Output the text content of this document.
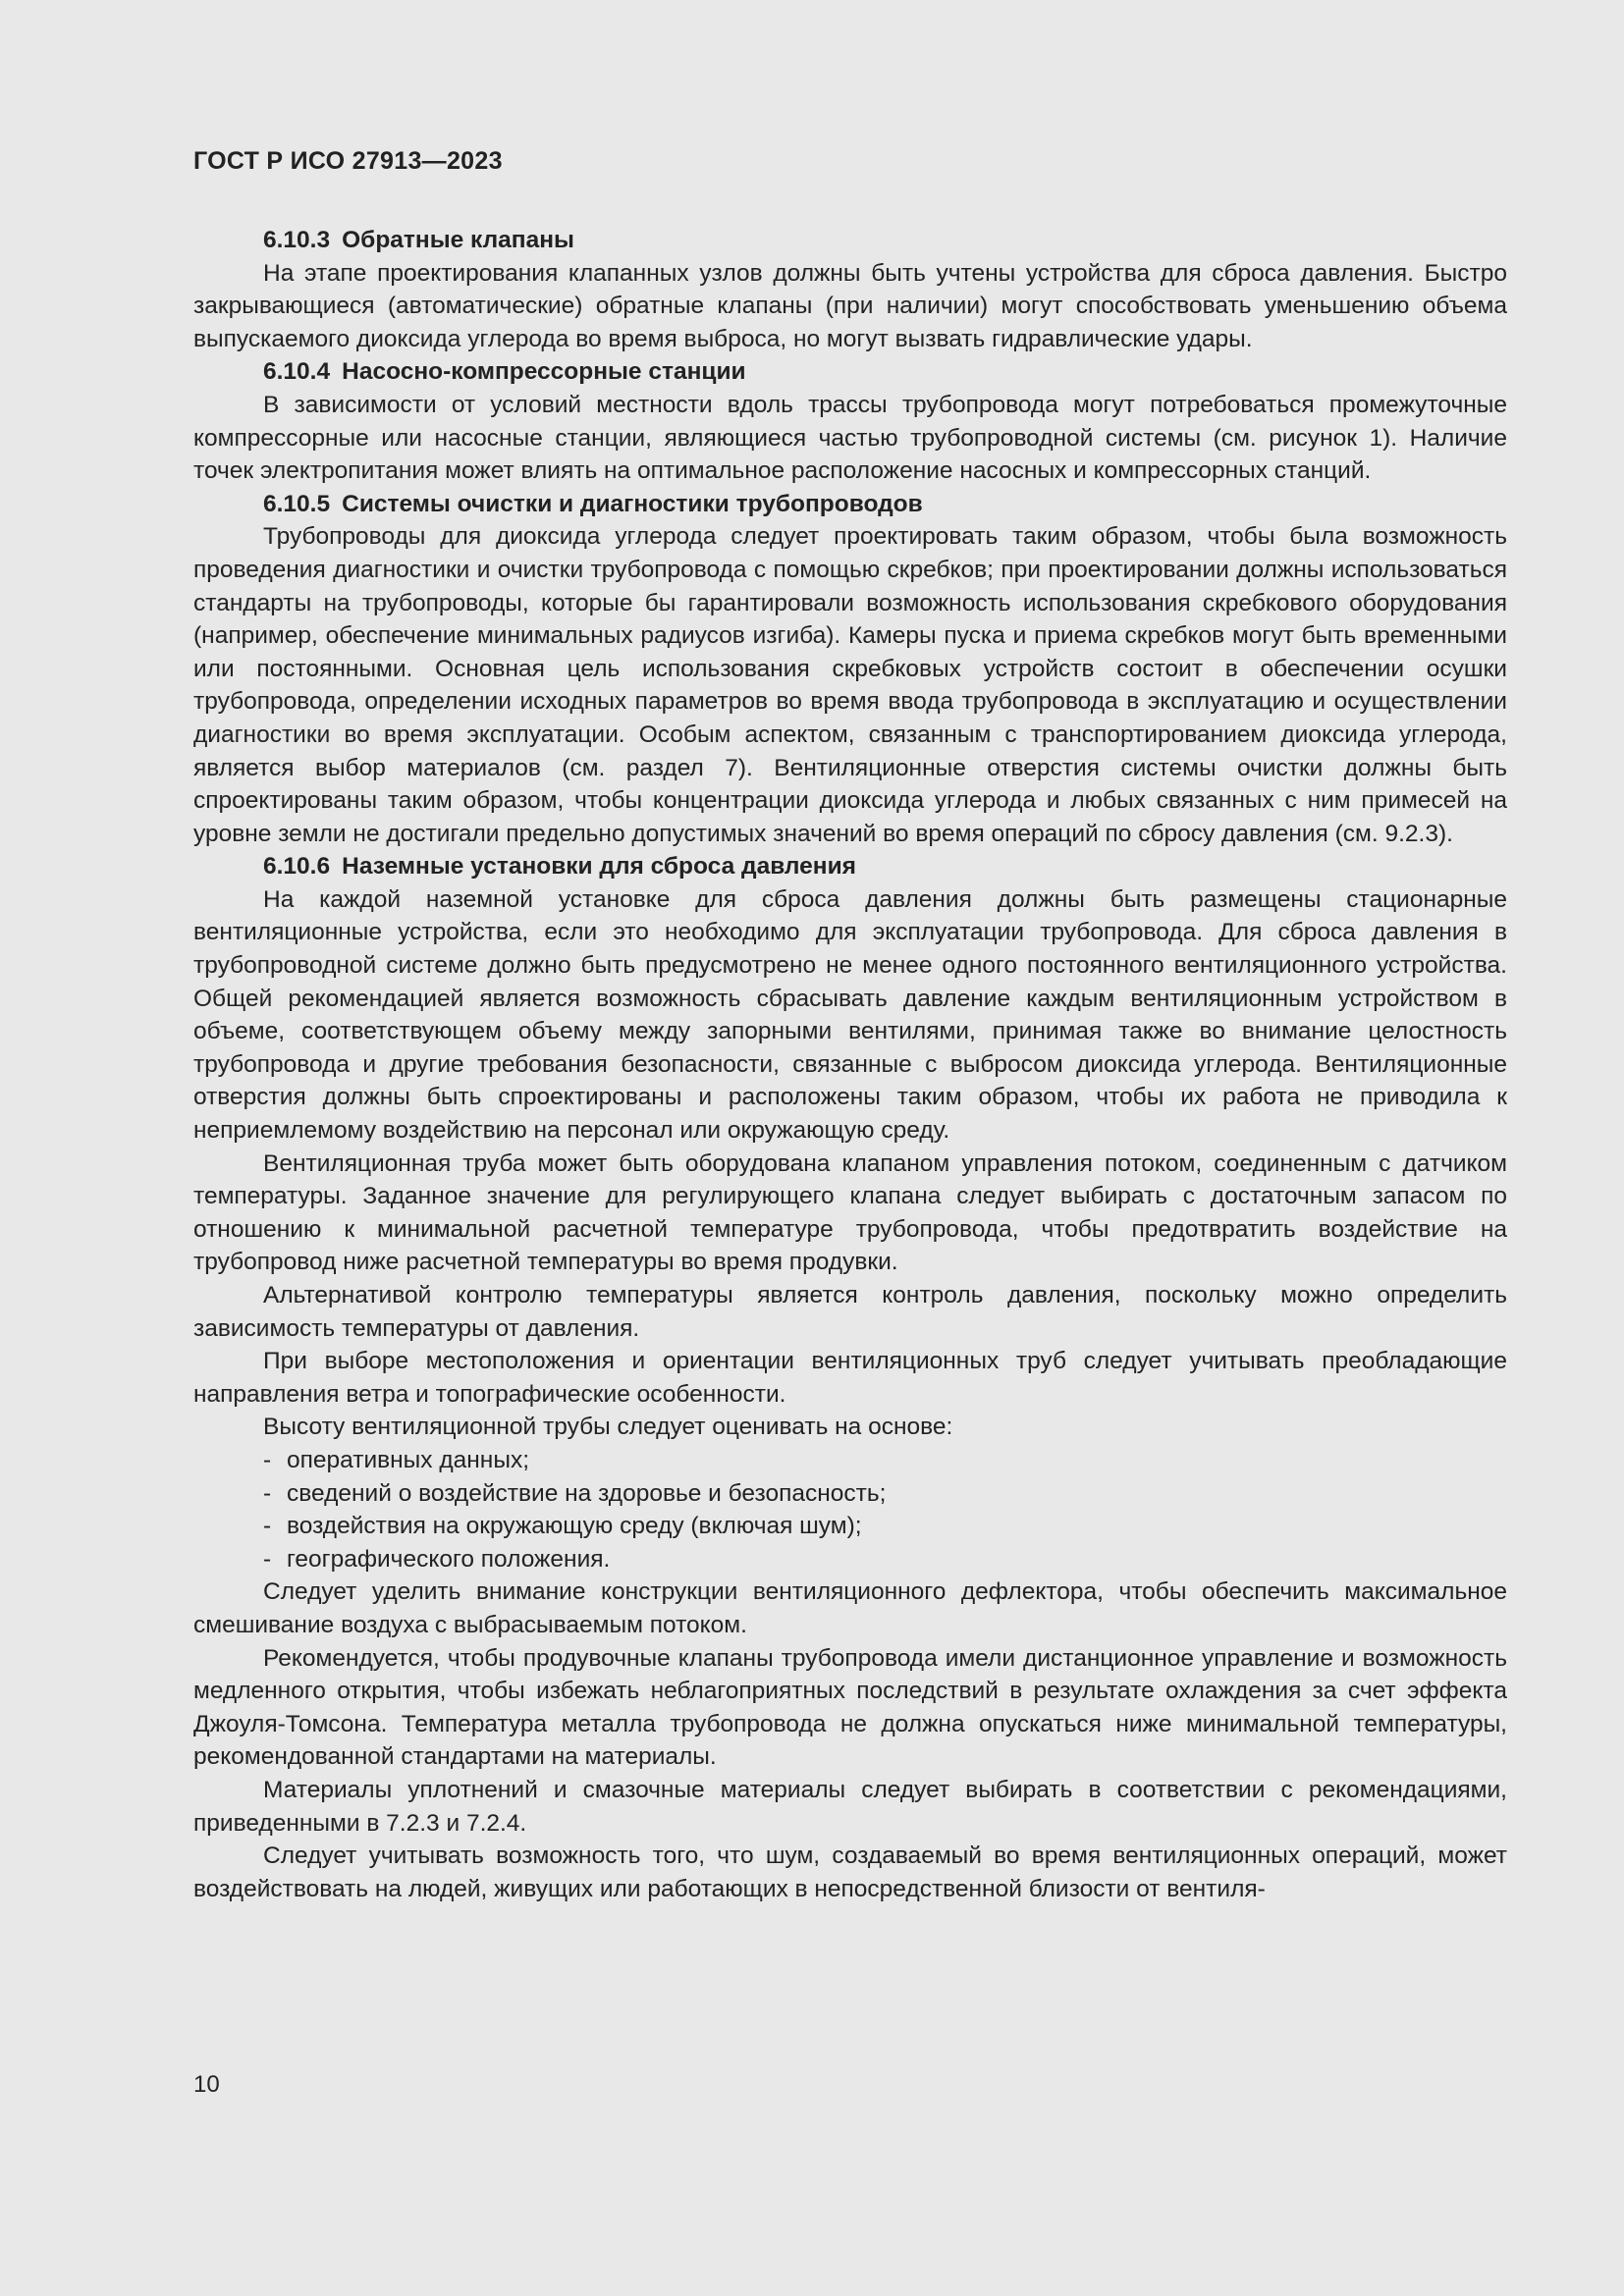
ГОСТ Р ИСО 27913—2023
6.10.3 Обратные клапаны

На этапе проектирования клапанных узлов должны быть учтены устройства для сброса давления. Быстро закрывающиеся (автоматические) обратные клапаны (при наличии) могут способствовать уменьшению объема выпускаемого диоксида углерода во время выброса, но могут вызвать гидравлические удары.

6.10.4 Насосно-компрессорные станции

В зависимости от условий местности вдоль трассы трубопровода могут потребоваться промежуточные компрессорные или насосные станции, являющиеся частью трубопроводной системы (см. рисунок 1). Наличие точек электропитания может влиять на оптимальное расположение насосных и компрессорных станций.

6.10.5 Системы очистки и диагностики трубопроводов

Трубопроводы для диоксида углерода следует проектировать таким образом, чтобы была возможность проведения диагностики и очистки трубопровода с помощью скребков; при проектировании должны использоваться стандарты на трубопроводы, которые бы гарантировали возможность использования скребкового оборудования (например, обеспечение минимальных радиусов изгиба). Камеры пуска и приема скребков могут быть временными или постоянными. Основная цель использования скребковых устройств состоит в обеспечении осушки трубопровода, определении исходных параметров во время ввода трубопровода в эксплуатацию и осуществлении диагностики во время эксплуатации. Особым аспектом, связанным с транспортированием диоксида углерода, является выбор материалов (см. раздел 7). Вентиляционные отверстия системы очистки должны быть спроектированы таким образом, чтобы концентрации диоксида углерода и любых связанных с ним примесей на уровне земли не достигали предельно допустимых значений во время операций по сбросу давления (см. 9.2.3).

6.10.6 Наземные установки для сброса давления

На каждой наземной установке для сброса давления должны быть размещены стационарные вентиляционные устройства, если это необходимо для эксплуатации трубопровода. Для сброса давления в трубопроводной системе должно быть предусмотрено не менее одного постоянного вентиляционного устройства. Общей рекомендацией является возможность сбрасывать давление каждым вентиляционным устройством в объеме, соответствующем объему между запорными вентилями, принимая также во внимание целостность трубопровода и другие требования безопасности, связанные с выбросом диоксида углерода. Вентиляционные отверстия должны быть спроектированы и расположены таким образом, чтобы их работа не приводила к неприемлемому воздействию на персонал или окружающую среду.

Вентиляционная труба может быть оборудована клапаном управления потоком, соединенным с датчиком температуры. Заданное значение для регулирующего клапана следует выбирать с достаточным запасом по отношению к минимальной расчетной температуре трубопровода, чтобы предотвратить воздействие на трубопровод ниже расчетной температуры во время продувки.

Альтернативой контролю температуры является контроль давления, поскольку можно определить зависимость температуры от давления.

При выборе местоположения и ориентации вентиляционных труб следует учитывать преобладающие направления ветра и топографические особенности.

Высоту вентиляционной трубы следует оценивать на основе:

- оперативных данных;
- сведений о воздействие на здоровье и безопасность;
- воздействия на окружающую среду (включая шум);
- географического положения.

Следует уделить внимание конструкции вентиляционного дефлектора, чтобы обеспечить максимальное смешивание воздуха с выбрасываемым потоком.

Рекомендуется, чтобы продувочные клапаны трубопровода имели дистанционное управление и возможность медленного открытия, чтобы избежать неблагоприятных последствий в результате охлаждения за счет эффекта Джоуля-Томсона. Температура металла трубопровода не должна опускаться ниже минимальной температуры, рекомендованной стандартами на материалы.

Материалы уплотнений и смазочные материалы следует выбирать в соответствии с рекомендациями, приведенными в 7.2.3 и 7.2.4.

Следует учитывать возможность того, что шум, создаваемый во время вентиляционных операций, может воздействовать на людей, живущих или работающих в непосредственной близости от вентиля-

10
